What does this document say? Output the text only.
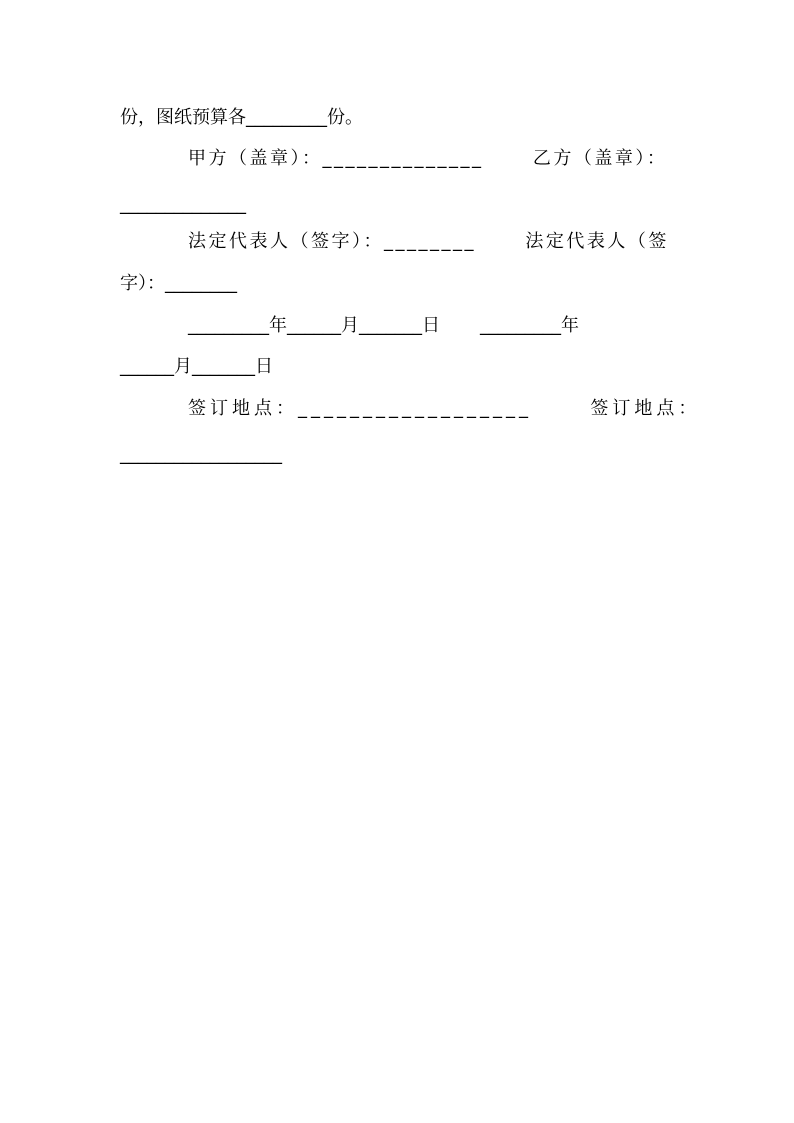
份，图纸预算各_________份。
甲方（盖章）：______________      乙方（盖章）：
______________
法定代表人（签字）：________      法定代表人（签
字）：________
_________年______月_______日       _________年
______月_______日
签订地点：__________________      签订地点：
__________________
